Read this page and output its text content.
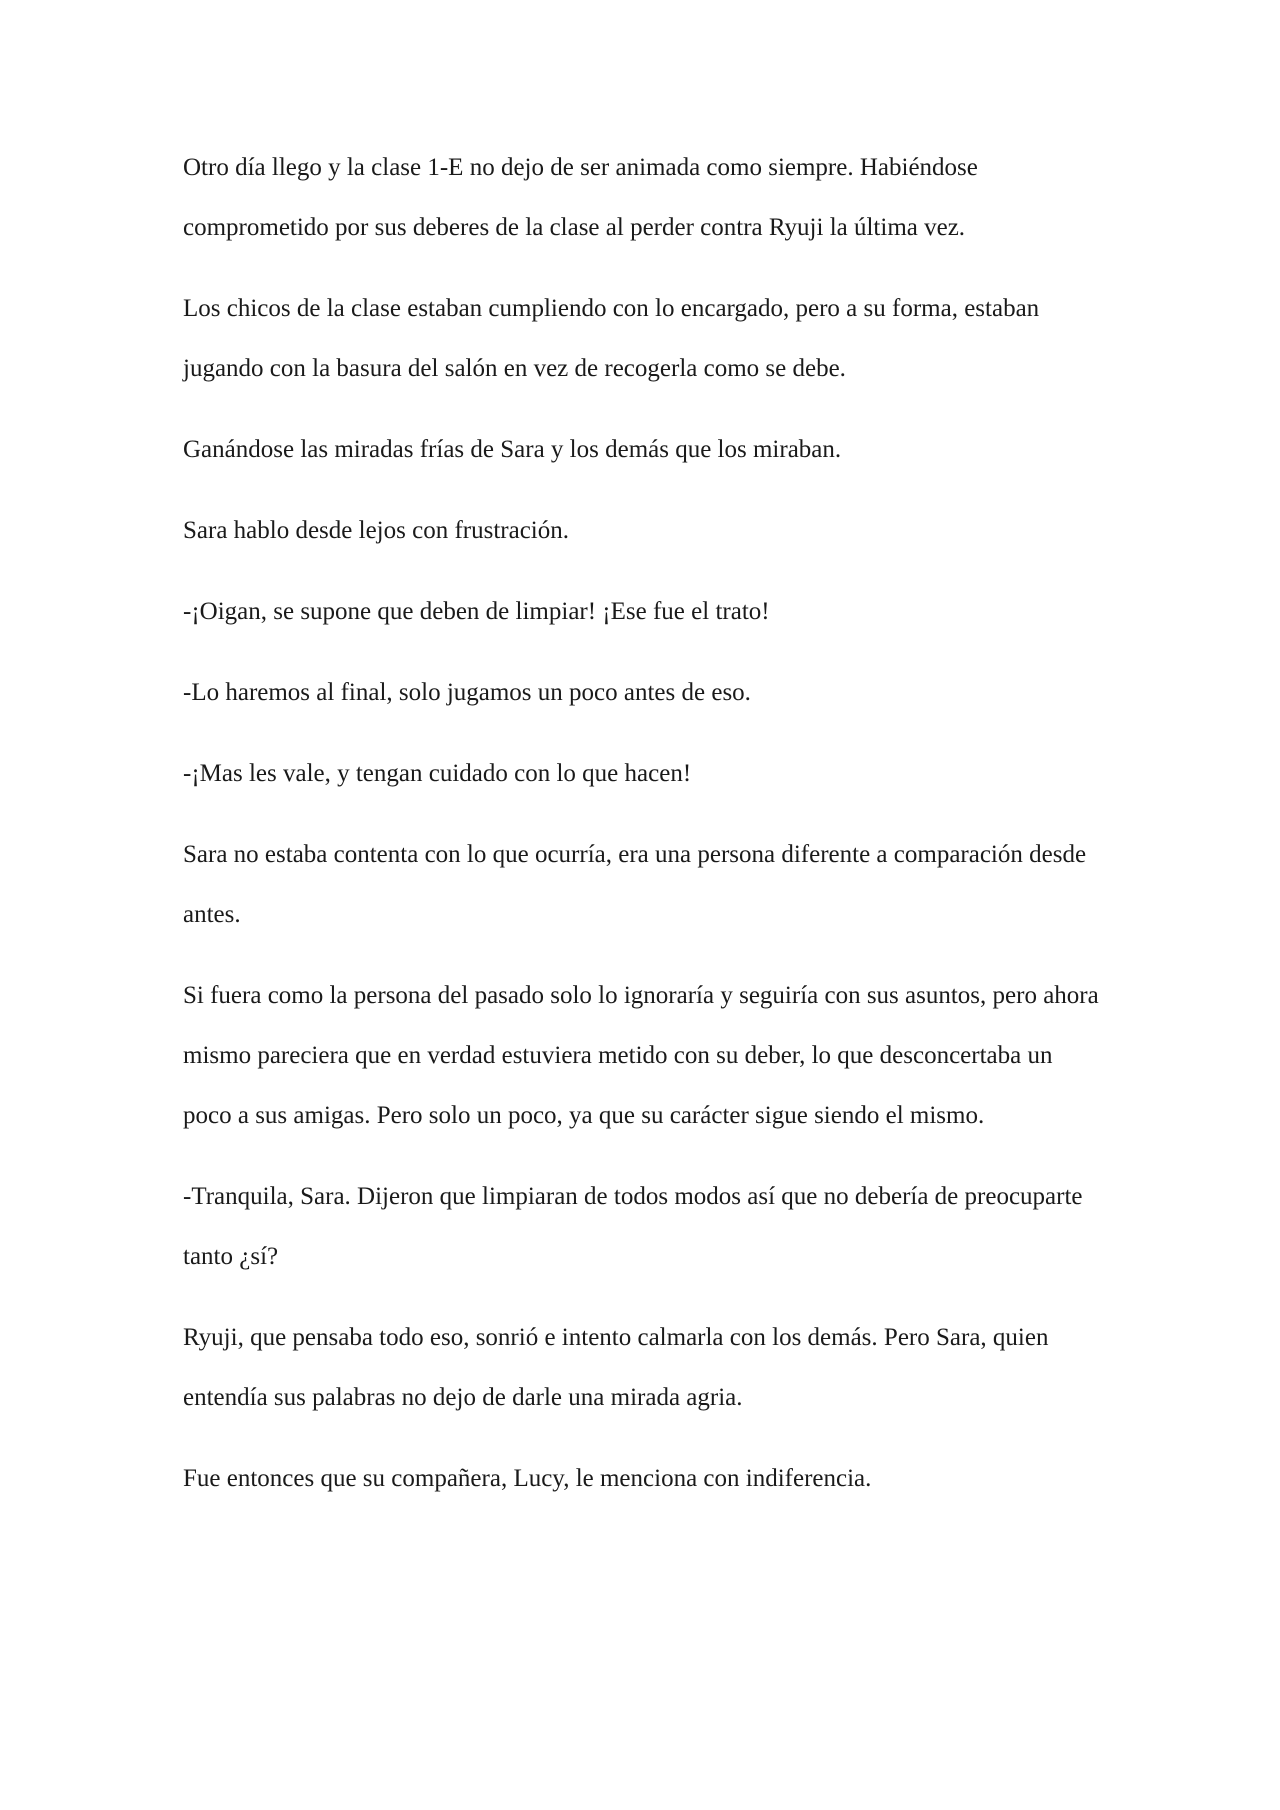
Otro día llego y la clase 1-E no dejo de ser animada como siempre. Habiéndose comprometido por sus deberes de la clase al perder contra Ryuji la última vez.

Los chicos de la clase estaban cumpliendo con lo encargado, pero a su forma, estaban jugando con la basura del salón en vez de recogerla como se debe.

Ganándose las miradas frías de Sara y los demás que los miraban.

Sara hablo desde lejos con frustración.

-¡Oigan, se supone que deben de limpiar! ¡Ese fue el trato!

-Lo haremos al final, solo jugamos un poco antes de eso.

-¡Mas les vale, y tengan cuidado con lo que hacen!

Sara no estaba contenta con lo que ocurría, era una persona diferente a comparación desde antes.

Si fuera como la persona del pasado solo lo ignoraría y seguiría con sus asuntos, pero ahora mismo pareciera que en verdad estuviera metido con su deber, lo que desconcertaba un poco a sus amigas. Pero solo un poco, ya que su carácter sigue siendo el mismo.

-Tranquila, Sara. Dijeron que limpiaran de todos modos así que no debería de preocuparte tanto ¿sí?

Ryuji, que pensaba todo eso, sonrió e intento calmarla con los demás. Pero Sara, quien entendía sus palabras no dejo de darle una mirada agria.

Fue entonces que su compañera, Lucy, le menciona con indiferencia.
